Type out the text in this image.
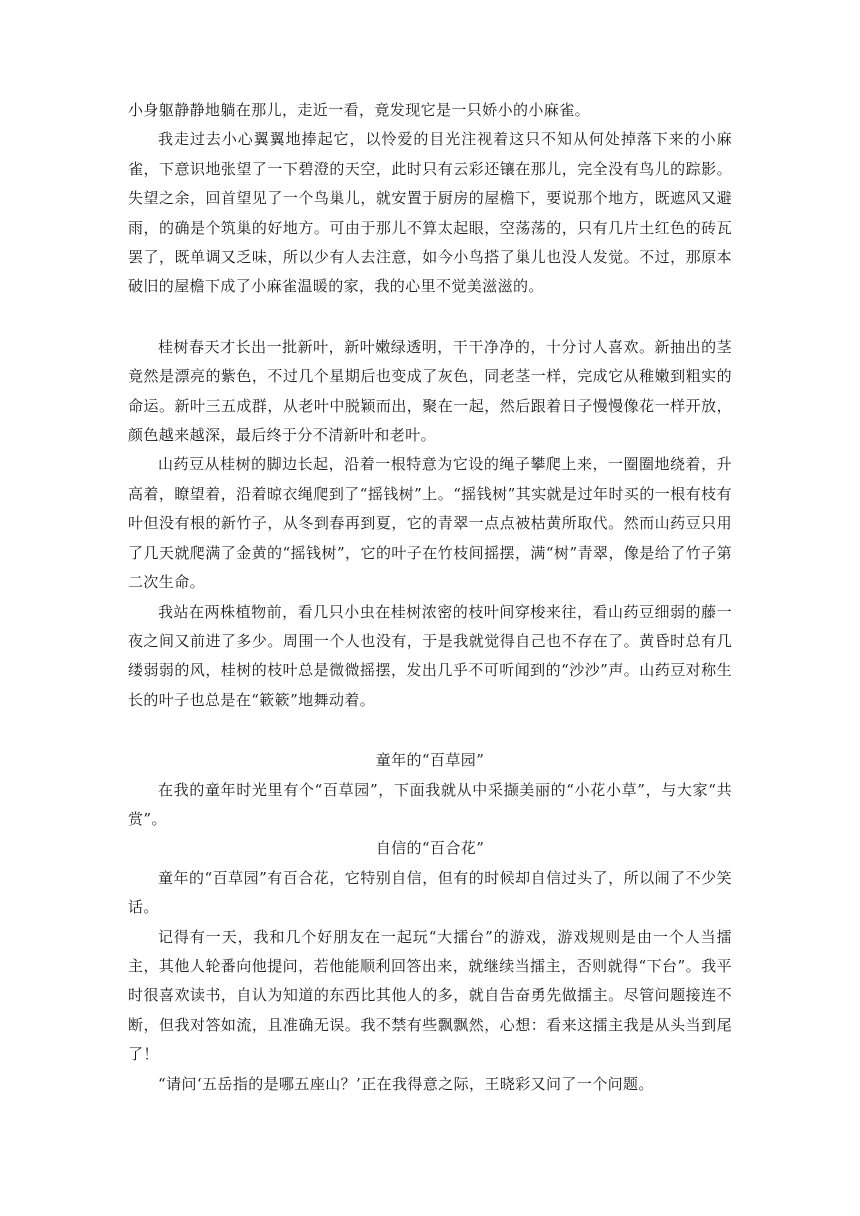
小身躯静静地躺在那儿，走近一看，竟发现它是一只娇小的小麻雀。

我走过去小心翼翼地捧起它，以怜爱的目光注视着这只不知从何处掉落下来的小麻雀，下意识地张望了一下碧澄的天空，此时只有云彩还镶在那儿，完全没有鸟儿的踪影。失望之余，回首望见了一个鸟巢儿，就安置于厨房的屋檐下，要说那个地方，既遮风又避雨，的确是个筑巢的好地方。可由于那儿不算太起眼，空荡荡的，只有几片土红色的砖瓦罢了，既单调又乏味，所以少有人去注意，如今小鸟搭了巢儿也没人发觉。不过，那原本破旧的屋檐下成了小麻雀温暖的家，我的心里不觉美滋滋的。

桂树春天才长出一批新叶，新叶嫩绿透明，干干净净的，十分讨人喜欢。新抽出的茎竟然是漂亮的紫色，不过几个星期后也变成了灰色，同老茎一样，完成它从稚嫩到粗实的命运。新叶三五成群，从老叶中脱颖而出，聚在一起，然后跟着日子慢慢像花一样开放，颜色越来越深，最后终于分不清新叶和老叶。

山药豆从桂树的脚边长起，沿着一根特意为它设的绳子攀爬上来，一圈圈地绕着，升高着，瞭望着，沿着晾衣绳爬到了“摇钱树”上。“摇钱树”其实就是过年时买的一根有枝有叶但没有根的新竹子，从冬到春再到夏，它的青翠一点点被枯黄所取代。然而山药豆只用了几天就爬满了金黄的“摇钱树”，它的叶子在竹枝间摇摆，满“树”青翠，像是给了竹子第二次生命。

我站在两株植物前，看几只小虫在桂树浓密的枝叶间穿梭来往，看山药豆细弱的藤一夜之间又前进了多少。周围一个人也没有，于是我就觉得自己也不存在了。黄昏时总有几缕弱弱的风，桂树的枝叶总是微微摇摆，发出几乎不可听闻到的“沙沙”声。山药豆对称生长的叶子也总是在“簌簌”地舞动着。

童年的“百草园”

在我的童年时光里有个“百草园”，下面我就从中采撷美丽的“小花小草”，与大家“共赏”。

自信的“百合花”

童年的“百草园”有百合花，它特别自信，但有的时候却自信过头了，所以闹了不少笑话。

记得有一天，我和几个好朋友在一起玩“大擂台”的游戏，游戏规则是由一个人当擂主，其他人轮番向他提问，若他能顺利回答出来，就继续当擂主，否则就得“下台”。我平时很喜欢读书，自认为知道的东西比其他人的多，就自告奋勇先做擂主。尽管问题接连不断，但我对答如流，且准确无误。我不禁有些飘飘然，心想：看来这擂主我是从头当到尾了！

“请问‘五岳指的是哪五座山？’正在我得意之际，王晓彩又问了一个问题。
